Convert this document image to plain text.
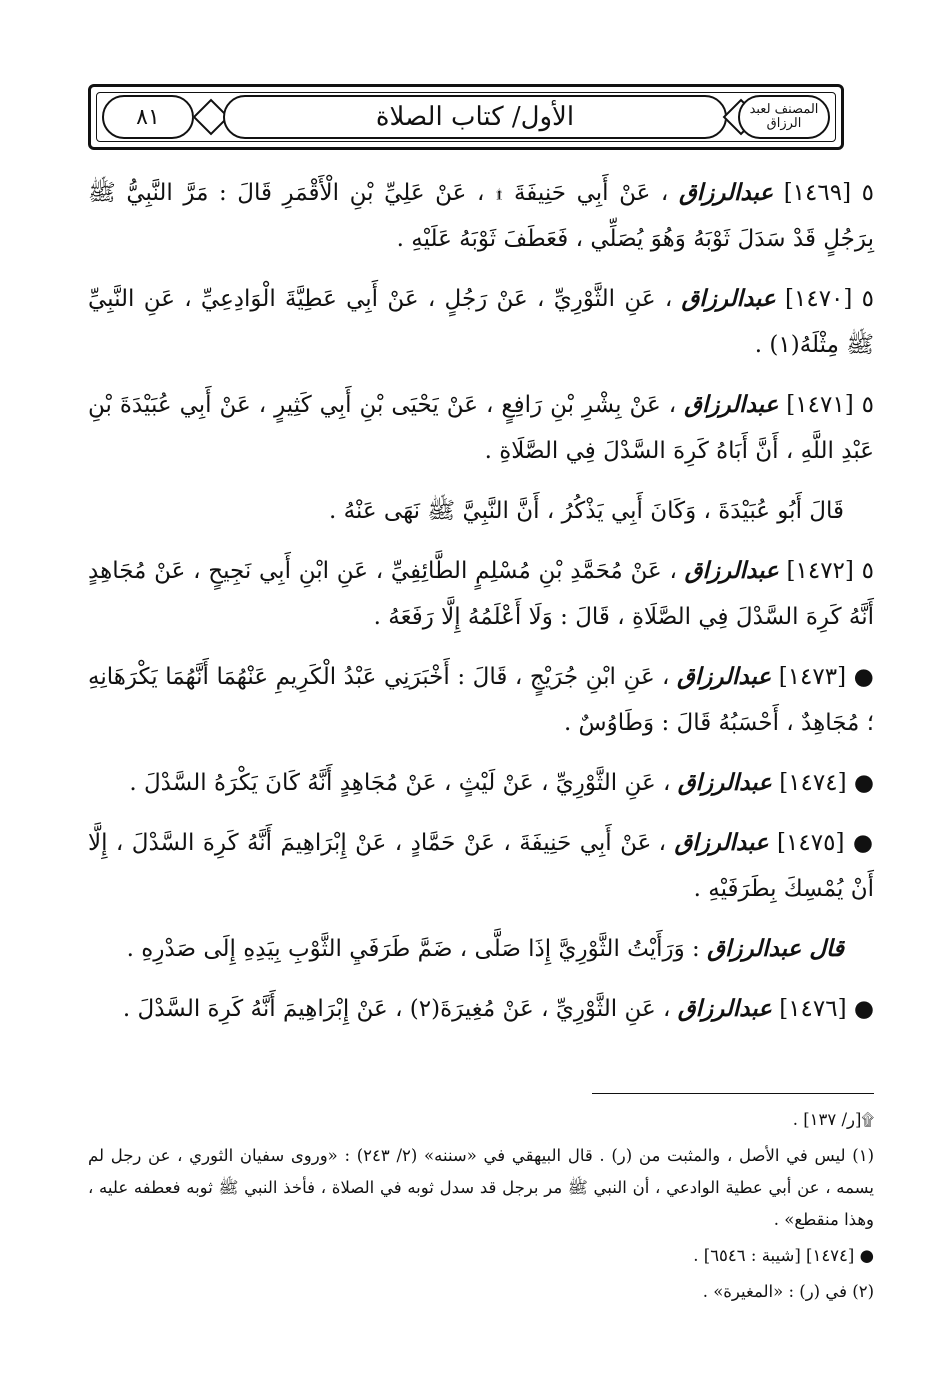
٨١	الأول/ كتاب الصلاة	المصنف لعبد الرزاق

٥ [١٤٦٩] عبدالرزاق ، عَنْ أَبِي حَنِيفَةَ ۩ ، عَنْ عَلِيِّ بْنِ الْأَقْمَرِ قَالَ : مَرَّ النَّبِيُّ ﷺ بِرَجُلٍ قَدْ سَدَلَ ثَوْبَهُ وَهُوَ يُصَلِّي ، فَعَطَفَ ثَوْبَهُ عَلَيْهِ .

٥ [١٤٧٠] عبدالرزاق ، عَنِ الثَّوْرِيِّ ، عَنْ رَجُلٍ ، عَنْ أَبِي عَطِيَّةَ الْوَادِعِيِّ ، عَنِ النَّبِيِّ ﷺ مِثْلَهُ(١) .

٥ [١٤٧١] عبدالرزاق ، عَنْ بِشْرِ بْنِ رَافِعٍ ، عَنْ يَحْيَى بْنِ أَبِي كَثِيرٍ ، عَنْ أَبِي عُبَيْدَةَ بْنِ عَبْدِ اللَّهِ ، أَنَّ أَبَاهُ كَرِهَ السَّدْلَ فِي الصَّلَاةِ .

قَالَ أَبُو عُبَيْدَةَ ، وَكَانَ أَبِي يَذْكُرُ ، أَنَّ النَّبِيَّ ﷺ نَهَى عَنْهُ .

٥ [١٤٧٢] عبدالرزاق ، عَنْ مُحَمَّدِ بْنِ مُسْلِمٍ الطَّائِفِيِّ ، عَنِ ابْنِ أَبِي نَجِيحٍ ، عَنْ مُجَاهِدٍ أَنَّهُ كَرِهَ السَّدْلَ فِي الصَّلَاةِ ، قَالَ : وَلَا أَعْلَمُهُ إِلَّا رَفَعَهُ .

● [١٤٧٣] عبدالرزاق ، عَنِ ابْنِ جُرَيْجٍ ، قَالَ : أَخْبَرَنِي عَبْدُ الْكَرِيمِ عَنْهُمَا أَنَّهُمَا يَكْرَهَانِهِ ؛ مُجَاهِدٌ ، أَحْسَبُهُ قَالَ : وَطَاوُسٌ .

● [١٤٧٤] عبدالرزاق ، عَنِ الثَّوْرِيِّ ، عَنْ لَيْثٍ ، عَنْ مُجَاهِدٍ أَنَّهُ كَانَ يَكْرَهُ السَّدْلَ .

● [١٤٧٥] عبدالرزاق ، عَنْ أَبِي حَنِيفَةَ ، عَنْ حَمَّادٍ ، عَنْ إِبْرَاهِيمَ أَنَّهُ كَرِهَ السَّدْلَ ، إِلَّا أَنْ يُمْسِكَ بِطَرَفَيْهِ .

قال عبدالرزاق : وَرَأَيْتُ الثَّوْرِيَّ إِذَا صَلَّى ، ضَمَّ طَرَفَيِ الثَّوْبِ بِيَدِهِ إِلَى صَدْرِهِ .

● [١٤٧٦] عبدالرزاق ، عَنِ الثَّوْرِيِّ ، عَنْ مُغِيرَةَ(٢) ، عَنْ إِبْرَاهِيمَ أَنَّهُ كَرِهَ السَّدْلَ .

۩[ر/ ١٣٧] .

(١) ليس في الأصل ، والمثبت من (ر) . قال البيهقي في «سننه» (٢/ ٢٤٣) : «وروى سفيان الثوري ، عن رجل لم يسمه ، عن أبي عطية الوادعي ، أن النبي ﷺ مر برجل قد سدل ثوبه في الصلاة ، فأخذ النبي ﷺ ثوبه فعطفه عليه ، وهذا منقطع» .

● [١٤٧٤] [شيبة : ٦٥٤٦] .

(٢) في (ر) : «المغيرة» .
